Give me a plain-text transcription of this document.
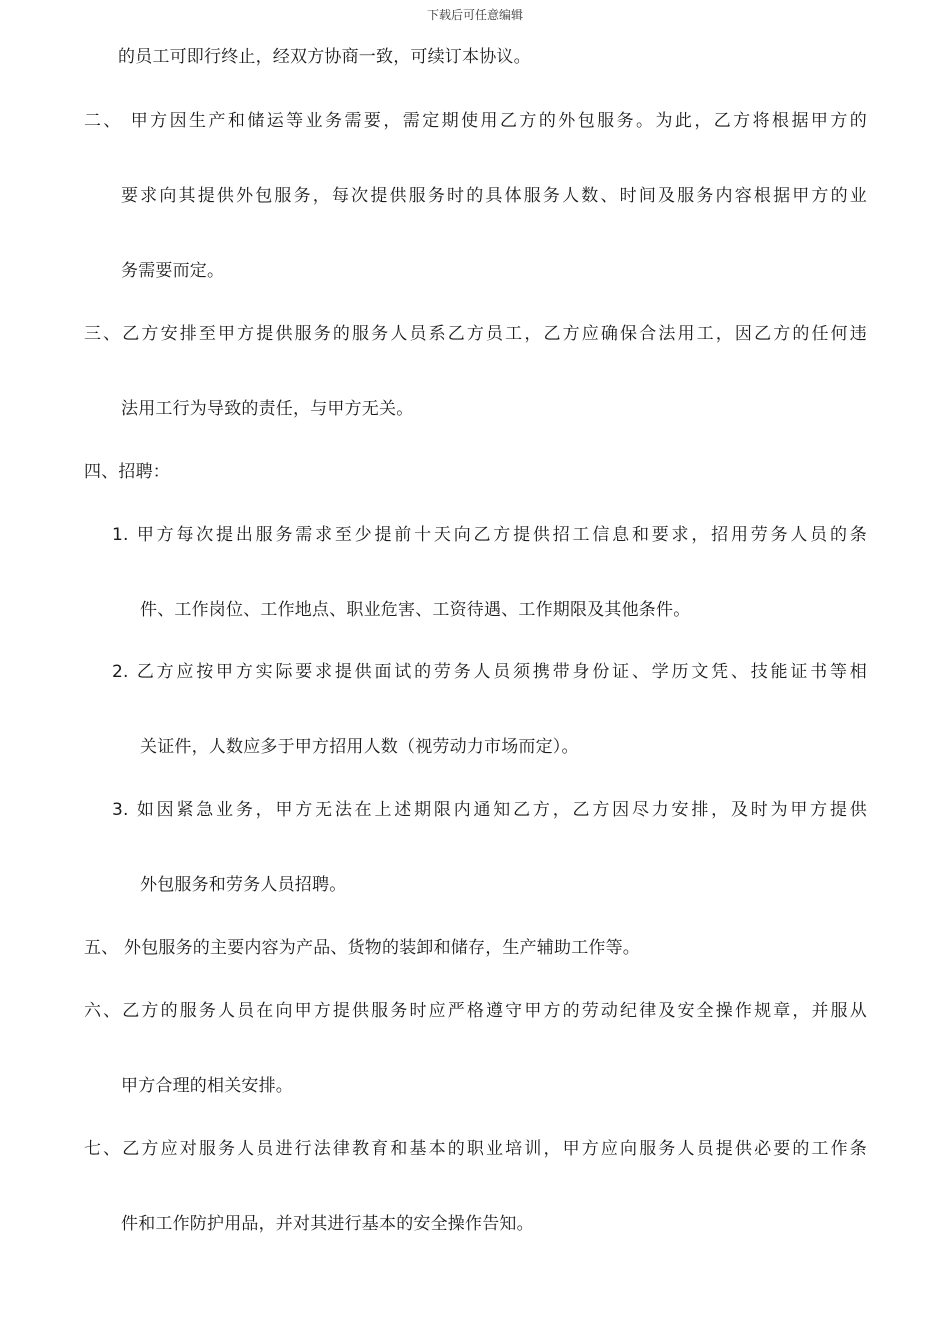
下载后可任意编辑
的员工可即行终止，经双方协商一致，可续订本协议。
二、 甲方因生产和储运等业务需要，需定期使用乙方的外包服务。为此，乙方将根据甲方的
要求向其提供外包服务，每次提供服务时的具体服务人数、时间及服务内容根据甲方的业
务需要而定。
三、乙方安排至甲方提供服务的服务人员系乙方员工，乙方应确保合法用工，因乙方的任何违
法用工行为导致的责任，与甲方无关。
四、招聘：
1. 甲方每次提出服务需求至少提前十天向乙方提供招工信息和要求，招用劳务人员的条
件、工作岗位、工作地点、职业危害、工资待遇、工作期限及其他条件。
2. 乙方应按甲方实际要求提供面试的劳务人员须携带身份证、学历文凭、技能证书等相
关证件，人数应多于甲方招用人数（视劳动力市场而定）。
3. 如因紧急业务，甲方无法在上述期限内通知乙方，乙方因尽力安排，及时为甲方提供
外包服务和劳务人员招聘。
五、 外包服务的主要内容为产品、货物的装卸和储存，生产辅助工作等。
六、乙方的服务人员在向甲方提供服务时应严格遵守甲方的劳动纪律及安全操作规章，并服从
甲方合理的相关安排。
七、乙方应对服务人员进行法律教育和基本的职业培训，甲方应向服务人员提供必要的工作条
件和工作防护用品，并对其进行基本的安全操作告知。
